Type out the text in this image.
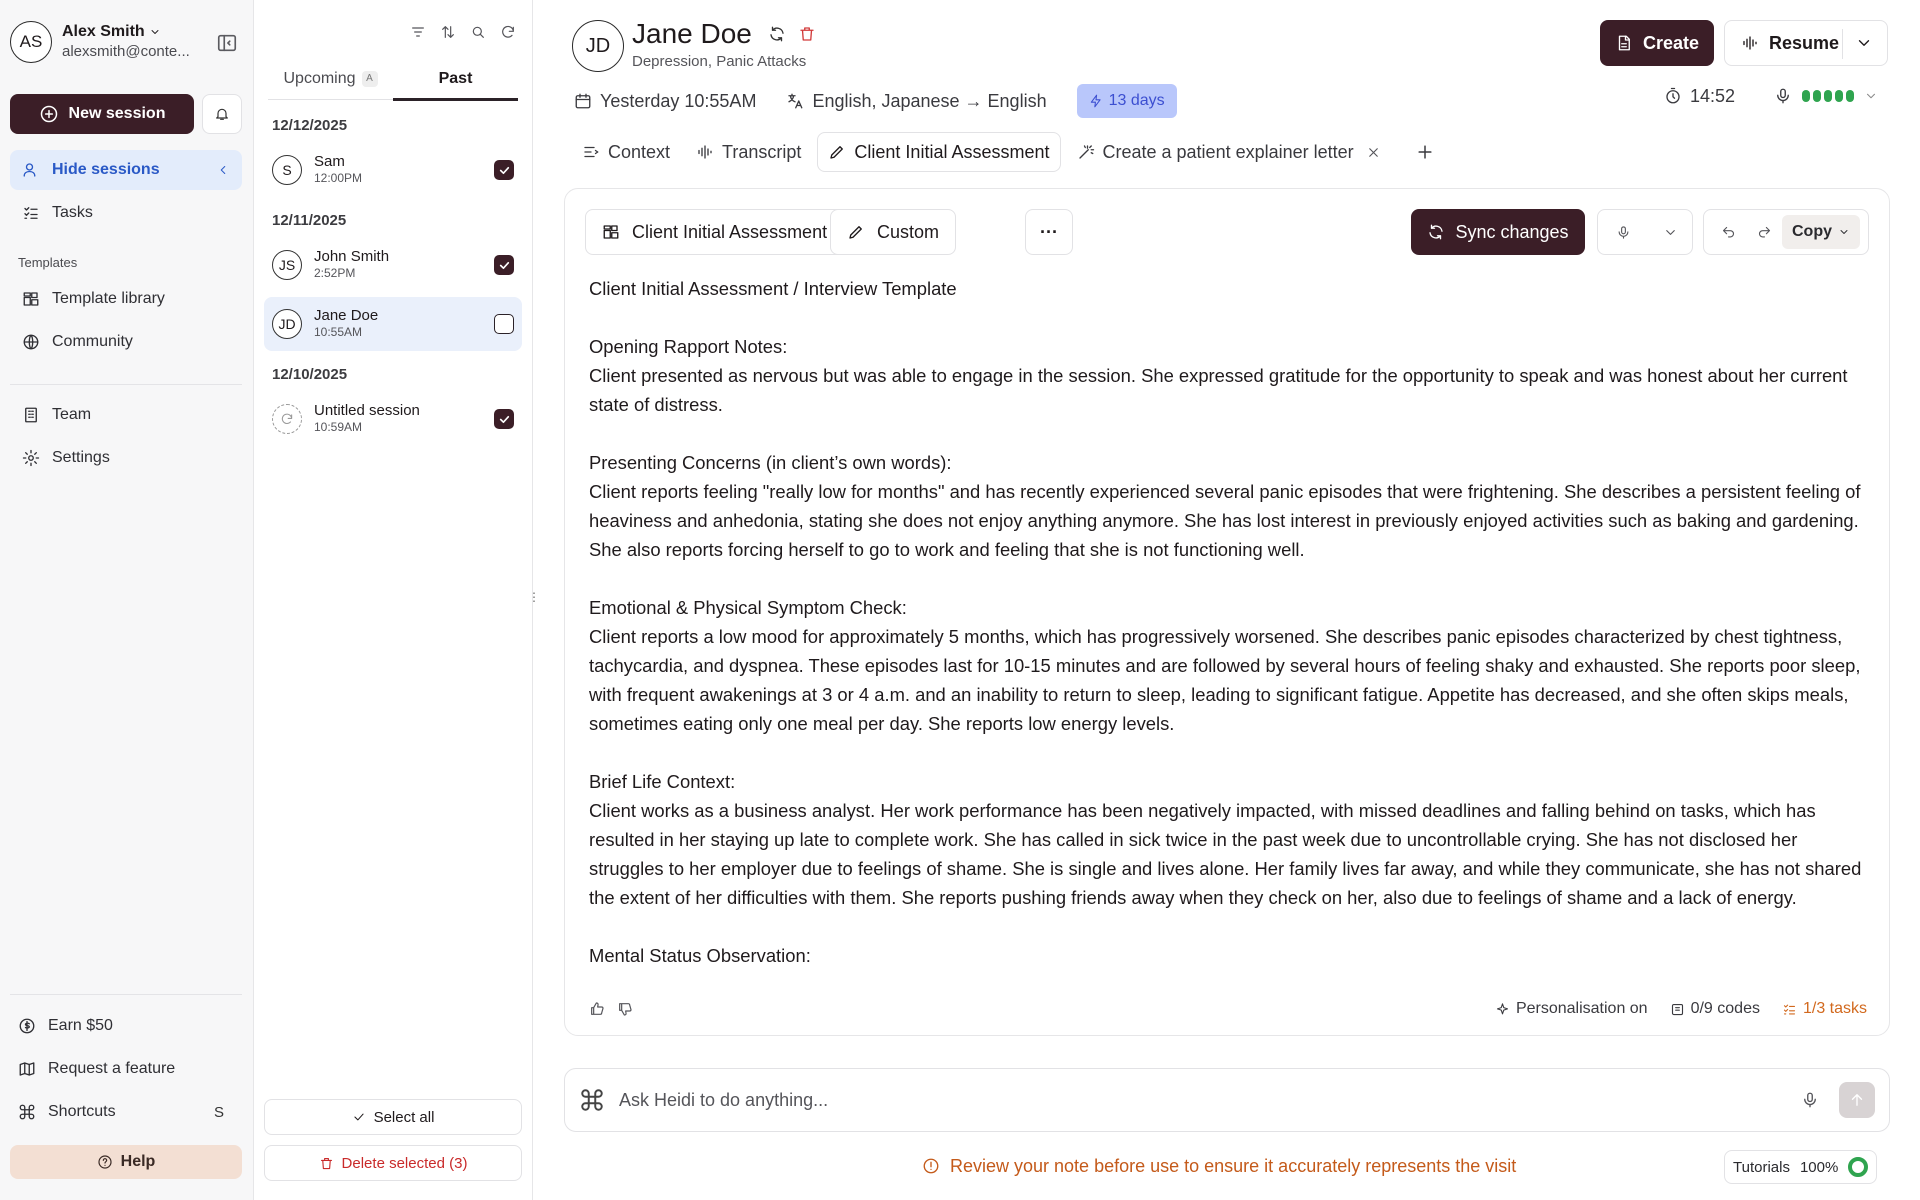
AS
Alex Smith
alexsmith@conte...
New session
Hide sessions
Tasks
Templates
Template library
Community
Team
Settings
Earn $50
Request a feature
Shortcuts	S
Help
Upcoming A	Past
12/12/2025
S	Sam
12:00PM
12/11/2025
JS	John Smith
2:52PM
JD	Jane Doe
10:55AM
12/10/2025
Untitled session
10:59AM
Select all
Delete selected (3)
⋮
JD Jane Doe
Depression, Panic Attacks
Yesterday 10:55AM	English, Japanese → English	13 days
Create	Resume
14:52
Context	Transcript	Client Initial Assessment	Create a patient explainer letter
Client Initial Assessment	Custom	···	Sync changes	Copy
Client Initial Assessment / Interview Template
Opening Rapport Notes:
Client presented as nervous but was able to engage in the session. She expressed gratitude for the opportunity to speak and was honest about her current state of distress.
Presenting Concerns (in client’s own words):
Client reports feeling "really low for months" and has recently experienced several panic episodes that were frightening. She describes a persistent feeling of heaviness and anhedonia, stating she does not enjoy anything anymore. She has lost interest in previously enjoyed activities such as baking and gardening. She also reports forcing herself to go to work and feeling that she is not functioning well.
Emotional & Physical Symptom Check:
Client reports a low mood for approximately 5 months, which has progressively worsened. She describes panic episodes characterized by chest tightness, tachycardia, and dyspnea. These episodes last for 10-15 minutes and are followed by several hours of feeling shaky and exhausted. She reports poor sleep, with frequent awakenings at 3 or 4 a.m. and an inability to return to sleep, leading to significant fatigue. Appetite has decreased, and she often skips meals, sometimes eating only one meal per day. She reports low energy levels.
Brief Life Context:
Client works as a business analyst. Her work performance has been negatively impacted, with missed deadlines and falling behind on tasks, which has resulted in her staying up late to complete work. She has called in sick twice in the past week due to uncontrollable crying. She has not disclosed her struggles to her employer due to feelings of shame. She is single and lives alone. Her family lives far away, and while they communicate, she has not shared the extent of her difficulties with them. She reports pushing friends away when they check on her, also due to feelings of shame and a lack of energy.
Mental Status Observation:
Personalisation on	0/9 codes	1/3 tasks
Ask Heidi to do anything...
Review your note before use to ensure it accurately represents the visit	Tutorials 100%
